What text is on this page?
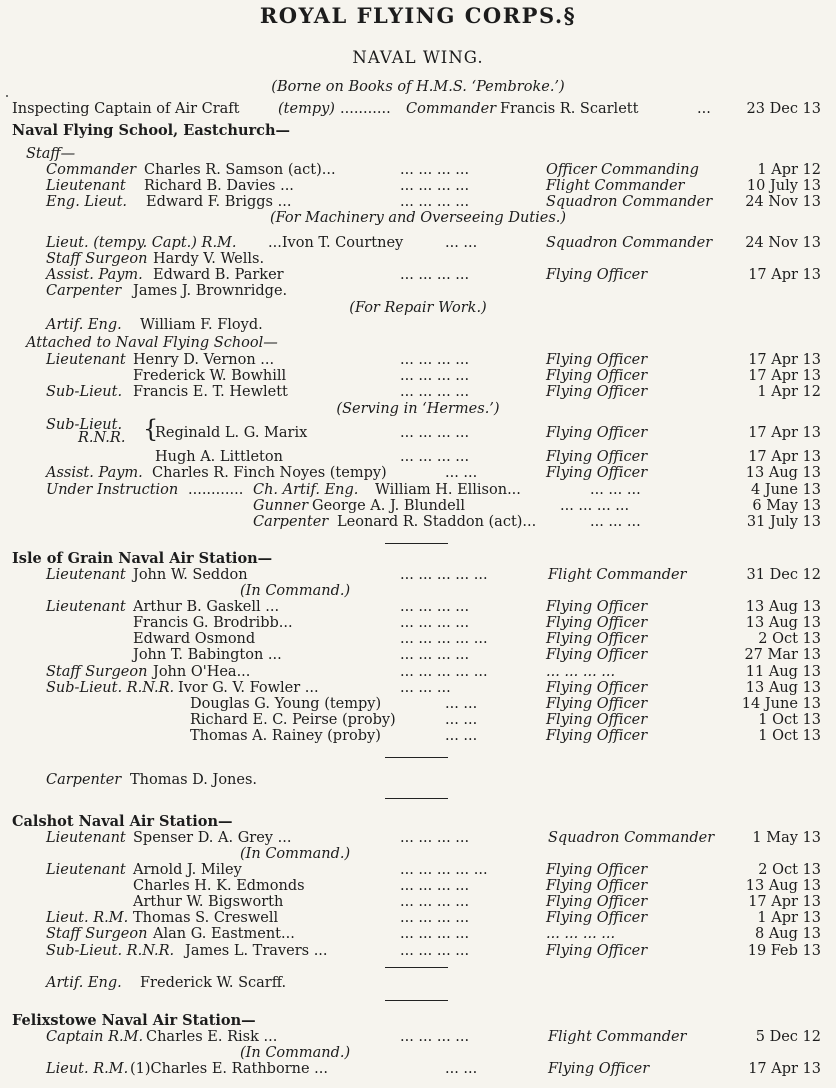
ROYAL FLYING CORPS.§
NAVAL WING.
(Borne on Books of H.M.S. ‘Pembroke.’)
Inspecting Captain of Air Craft	(tempy) ........... Commander Francis R. Scarlett	... 23 Dec 13
Naval Flying School, Eastchurch—
Staff—
Commander Charles R. Samson (act)...	... ... ... ...	Officer Commanding	1 Apr 12
Lieutenant Richard B. Davies ...	... ... ... ...	Flight Commander	10 July 13
Eng. Lieut. Edward F. Briggs ...	... ... ... ...	Squadron Commander 24 Nov 13
(For Machinery and Overseeing Duties.)
Lieut. (tempy. Capt.) R.M. ...Ivon T. Courtney	... ...	Squadron Commander 24 Nov 13
Staff Surgeon Hardy V. Wells.
Assist. Paym. Edward B. Parker	... ... ... ...	Flying Officer	17 Apr 13
Carpenter James J. Brownridge.
(For Repair Work.)
Artif. Eng. William F. Floyd.
Attached to Naval Flying School—
Lieutenant Henry D. Vernon ...	... ... ... ...	Flying Officer	17 Apr 13
Frederick W. Bowhill	... ... ... ...	Flying Officer	17 Apr 13
Sub-Lieut. Francis E. T. Hewlett	... ... ... ...	Flying Officer	1 Apr 12
(Serving in ‘Hermes.’)
Sub-Lieut.
R.N.R. {
Reginald L. G. Marix	... ... ... ...	Flying Officer	17 Apr 13
Hugh A. Littleton	... ... ... ...	Flying Officer	17 Apr 13
Assist. Paym. Charles R. Finch Noyes (tempy)	... ...	Flying Officer	13 Aug 13
Under Instruction ............ Ch. Artif. Eng. William H. Ellison...	... ... ...	4 June 13
Gunner George A. J. Blundell	... ... ... ...	6 May 13
Carpenter Leonard R. Staddon (act)...	... ... ...	31 July 13
Isle of Grain Naval Air Station—
Lieutenant John W. Seddon	... ... ... ... ...	Flight Commander	31 Dec 12
(In Command.)
Lieutenant Arthur B. Gaskell ...	... ... ... ...	Flying Officer	13 Aug 13
Francis G. Brodribb...	... ... ... ...	Flying Officer	13 Aug 13
Edward Osmond	... ... ... ... ...	Flying Officer	2 Oct 13
John T. Babington ...	... ... ... ...	Flying Officer	27 Mar 13
Staff Surgeon John O'Hea...	... ... ... ... ...	... ... ... ...	11 Aug 13
Sub-Lieut. R.N.R. Ivor G. V. Fowler ...	... ... ...	Flying Officer	13 Aug 13
Douglas G. Young (tempy)	... ...	Flying Officer	14 June 13
Richard E. C. Peirse (proby)	... ...	Flying Officer	1 Oct 13
Thomas A. Rainey (proby)	... ...	Flying Officer	1 Oct 13
Carpenter Thomas D. Jones.
Calshot Naval Air Station—
Lieutenant Spenser D. A. Grey ...	... ... ... ...	Squadron Commander	1 May 13
(In Command.)
Lieutenant Arnold J. Miley	... ... ... ... ...	Flying Officer	2 Oct 13
Charles H. K. Edmonds	... ... ... ...	Flying Officer	13 Aug 13
Arthur W. Bigsworth	... ... ... ...	Flying Officer	17 Apr 13
Lieut. R.M. Thomas S. Creswell	... ... ... ...	Flying Officer	1 Apr 13
Staff Surgeon Alan G. Eastment...	... ... ... ...	... ... ... ...	8 Aug 13
Sub-Lieut. R.N.R. James L. Travers ...	... ... ... ...	Flying Officer	19 Feb 13
Artif. Eng. Frederick W. Scarff.
Felixstowe Naval Air Station—
Captain R.M. Charles E. Risk ...	... ... ... ...	Flight Commander	5 Dec 12
(In Command.)
Lieut. R.M. (1)Charles E. Rathborne ...	... ...	Flying Officer	17 Apr 13
